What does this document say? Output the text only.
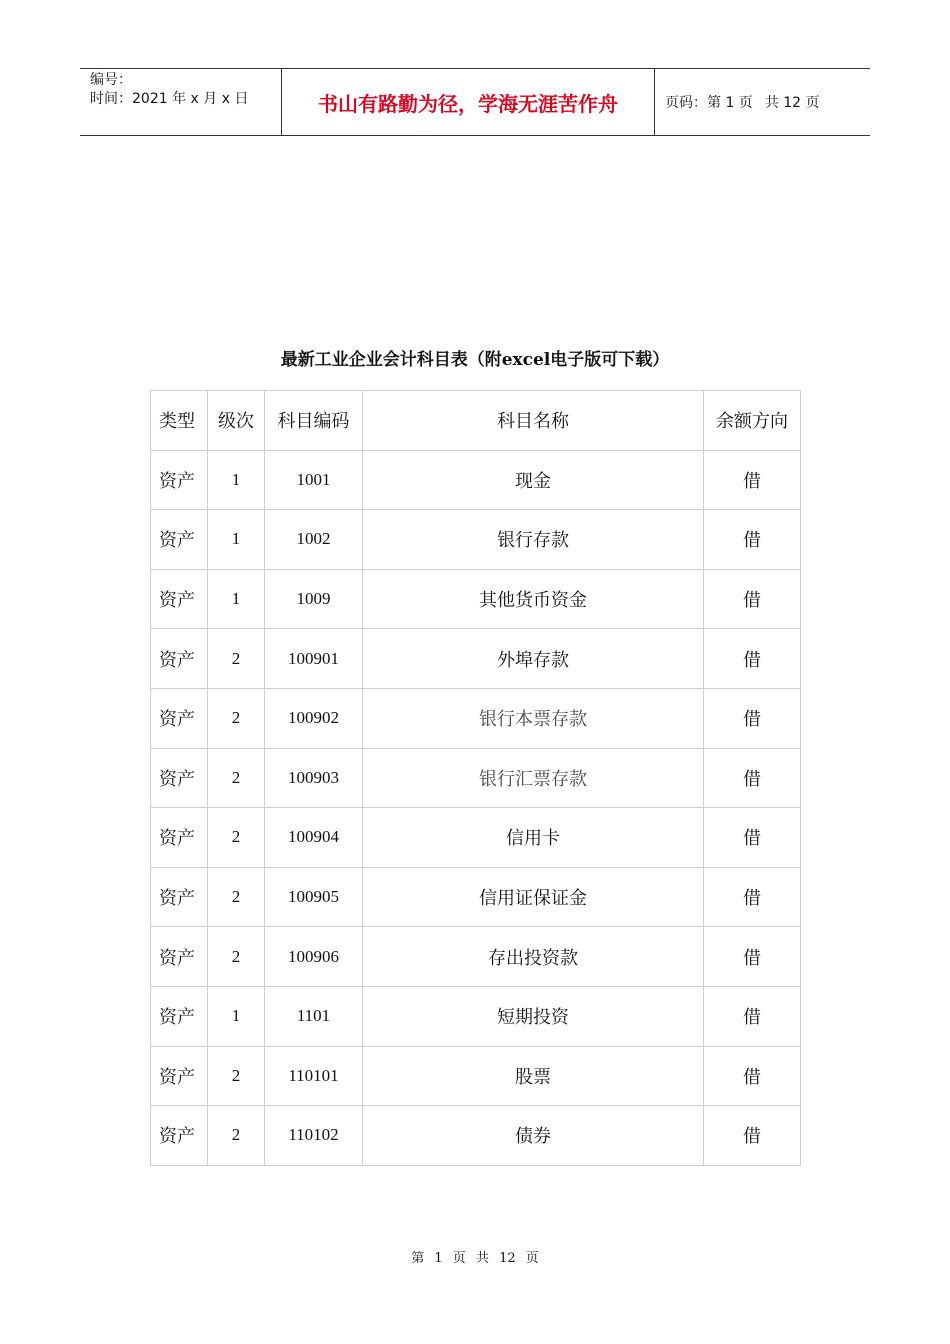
编号：
时间：2021 年 x 月 x 日	书山有路勤为径，学海无涯苦作舟	页码：第 1 页 共 12 页
最新工业企业会计科目表（附excel电子版可下载）
类型	级次	科目编码	科目名称	余额方向
资产	1	1001	现金	借
资产	1	1002	银行存款	借
资产	1	1009	其他货币资金	借
资产	2	100901	外埠存款	借
资产	2	100902	银行本票存款	借
资产	2	100903	银行汇票存款	借
资产	2	100904	信用卡	借
资产	2	100905	信用证保证金	借
资产	2	100906	存出投资款	借
资产	1	1101	短期投资	借
资产	2	110101	股票	借
资产	2	110102	债券	借
第 1 页 共 12 页
